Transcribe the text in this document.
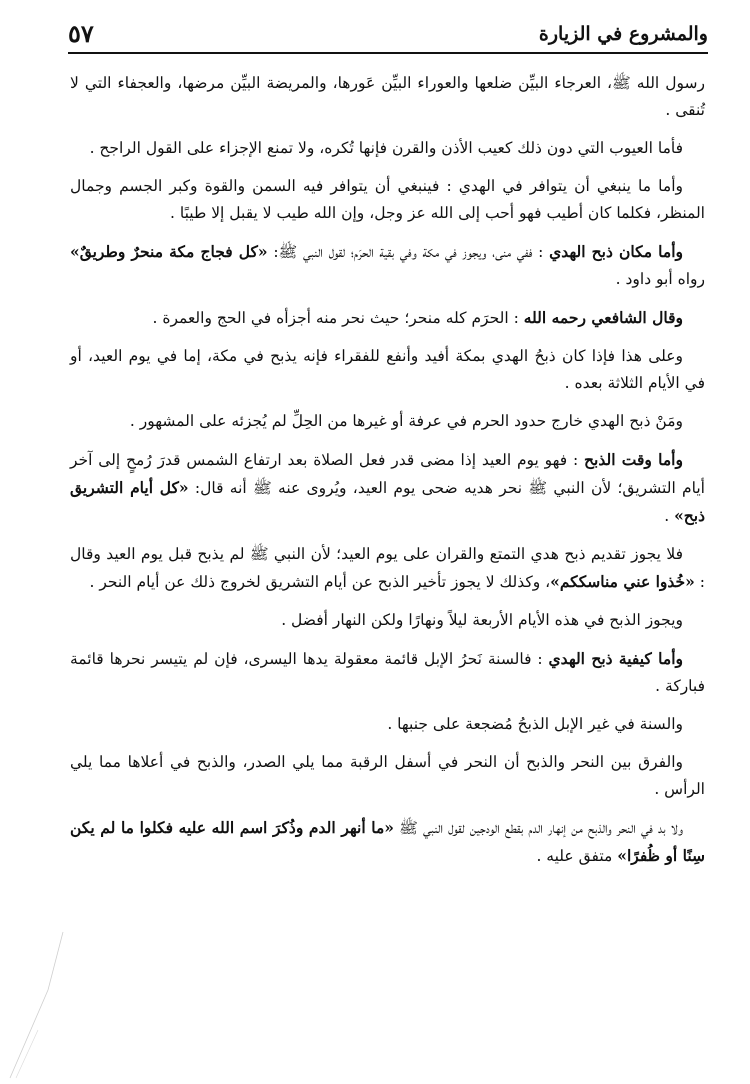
والمشروع في الزيارة
٥٧

رسول الله ﷺ، العرجاء البيِّن ضلعها والعوراء البيِّن عَورها، والمريضة البيِّن مرضها، والعجفاء التي لا تُنقى .

فأما العيوب التي دون ذلك كعيب الأذن والقرن فإنها تُكره، ولا تمنع الإجزاء على القول الراجح .

وأما ما ينبغي أن يتوافر في الهدي : فينبغي أن يتوافر فيه السمن والقوة وكبر الجسم وجمال المنظر، فكلما كان أطيب فهو أحب إلى الله عز وجل، وإن الله طيب لا يقبل إلا طيبًا .

وأما مكان ذبح الهدي : ففي منى، ويجوز في مكة وفي بقية الحرَم؛ لقول النبي ﷺ: «كل فجاج مكة منحرٌ وطريقٌ» رواه أبو داود .

وقال الشافعي رحمه الله : الحرَم كله منحر؛ حيث نحر منه أجزأه في الحج والعمرة .

وعلى هذا فإذا كان ذبحُ الهدي بمكة أفيد وأنفع للفقراء فإنه يذبح في مكة، إما في يوم العيد، أو في الأيام الثلاثة بعده .

ومَنْ ذبح الهدي خارج حدود الحرم في عرفة أو غيرها من الحِلِّ لم يُجزئه على المشهور .

وأما وقت الذبح : فهو يوم العيد إذا مضى قدر فعل الصلاة بعد ارتفاع الشمس قدرَ رُمحٍ إلى آخر أيام التشريق؛ لأن النبي ﷺ نحر هديه ضحى يوم العيد، ويُروى عنه ﷺ أنه قال: «كل أيام التشريق ذبح» .

فلا يجوز تقديم ذبح هدي التمتع والقران على يوم العيد؛ لأن النبي ﷺ لم يذبح قبل يوم العيد وقال : «خُذوا عني مناسككم»، وكذلك لا يجوز تأخير الذبح عن أيام التشريق لخروج ذلك عن أيام النحر .

ويجوز الذبح في هذه الأيام الأربعة ليلاً ونهارًا ولكن النهار أفضل .

وأما كيفية ذبح الهدي : فالسنة نَحرُ الإبل قائمة معقولة يدها اليسرى، فإن لم يتيسر نحرها قائمة فباركة .

والسنة في غير الإبل الذبحُ مُضجعة على جنبها .

والفرق بين النحر والذبح أن النحر في أسفل الرقبة مما يلي الصدر، والذبح في أعلاها مما يلي الرأس .

ولا بد في النحر والذبح من إنهار الدم بقطع الودجين لقول النبي ﷺ «ما أنهر الدم وذُكرَ اسم الله عليه فكلوا ما لم يكن سِنًا أو ظُفرًا» متفق عليه .
